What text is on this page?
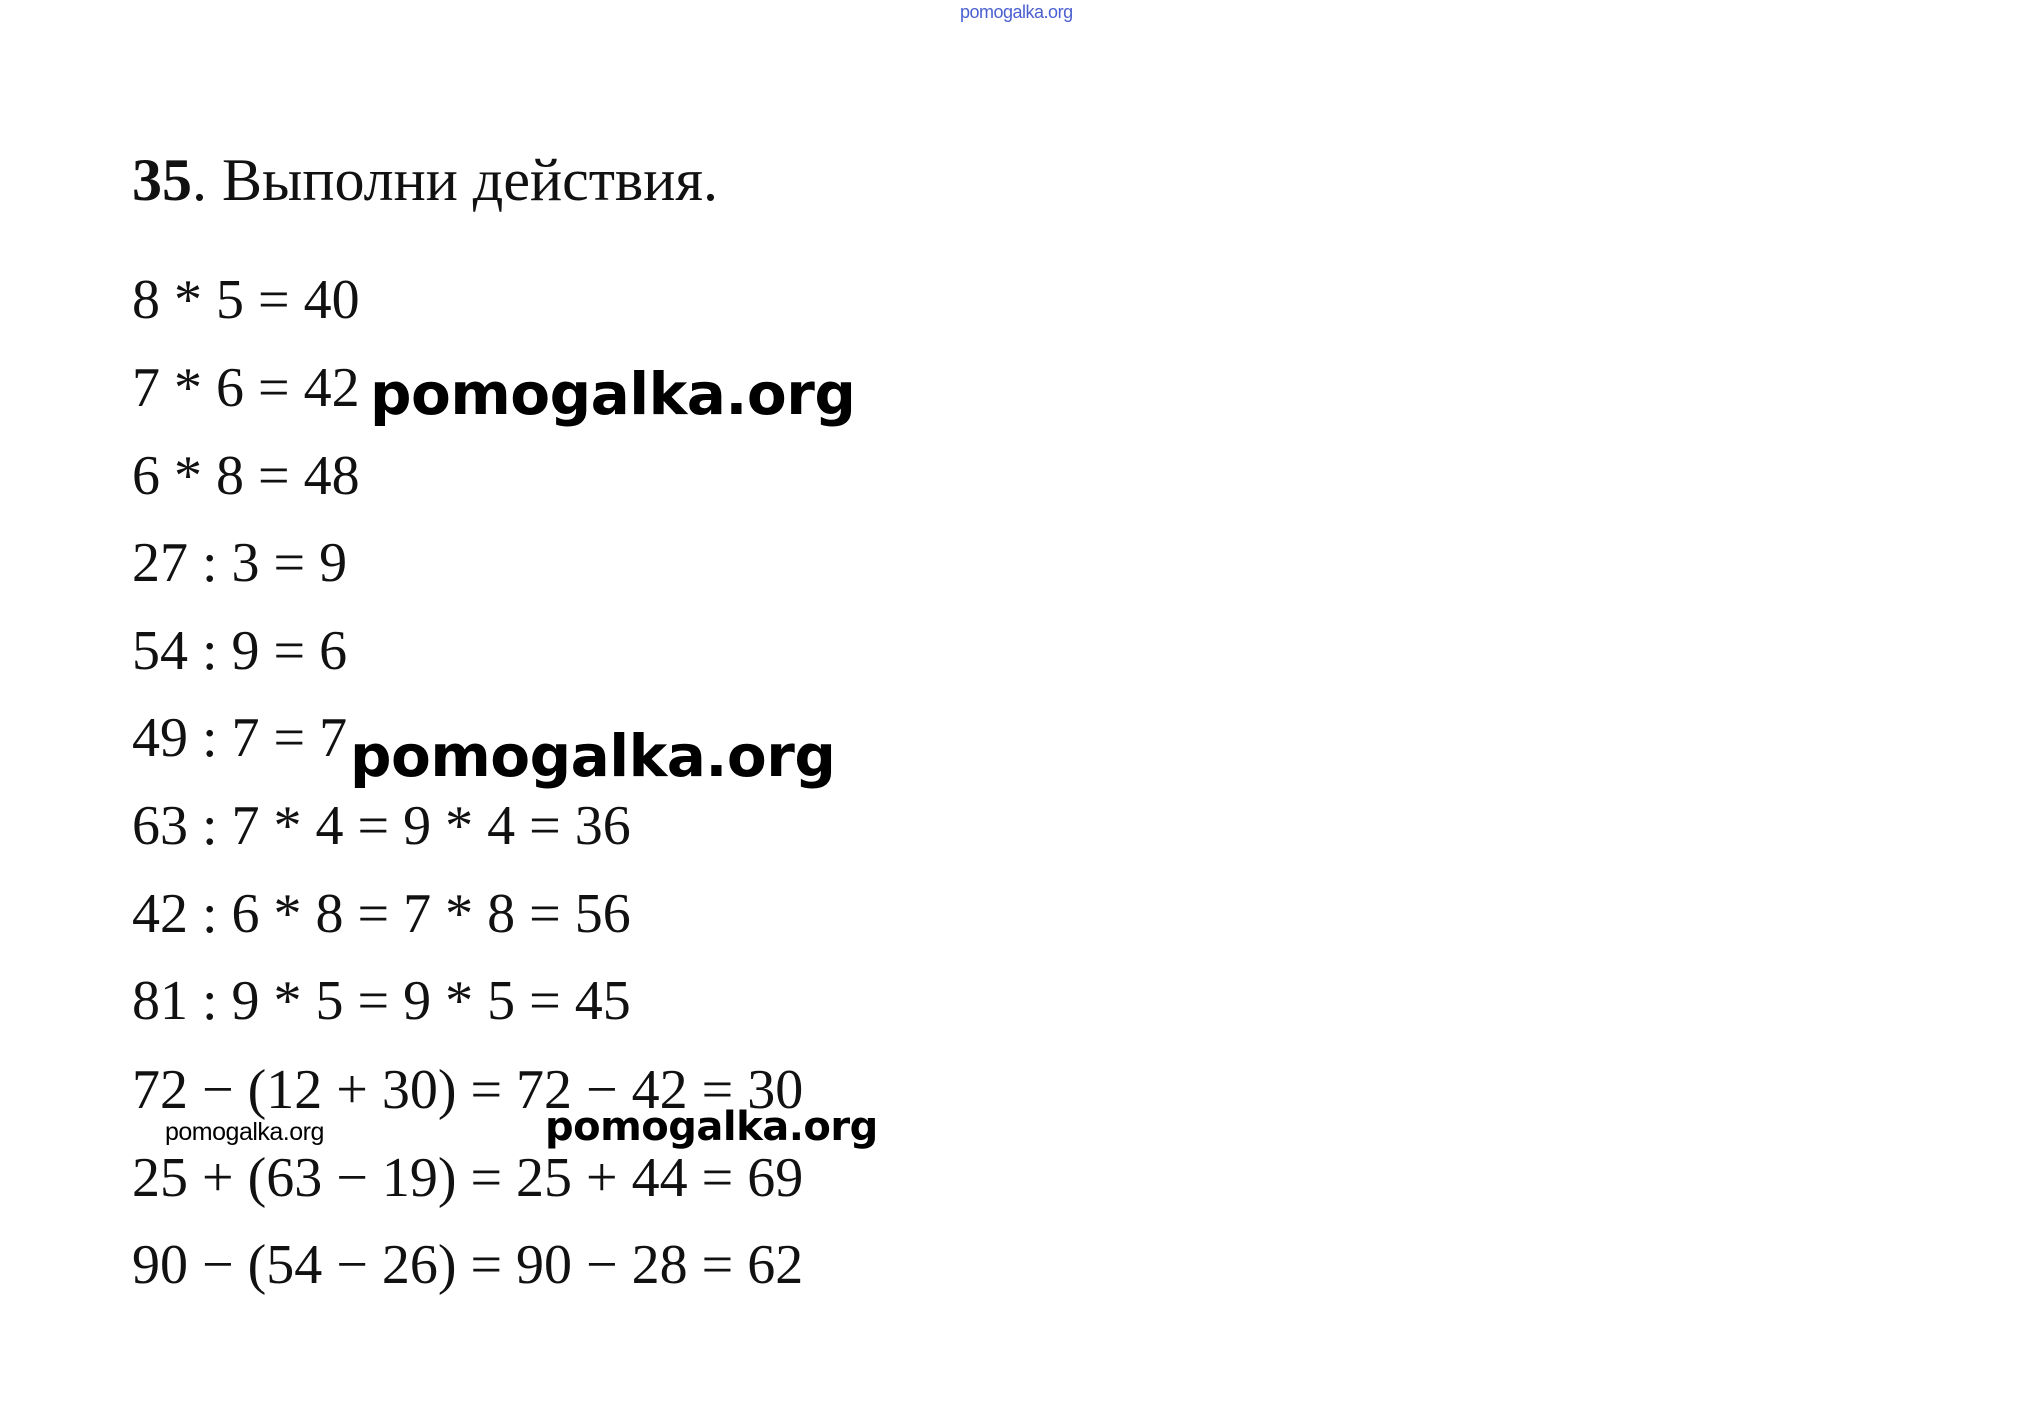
pomogalka.org
35. Выполни действия.
8 * 5 = 40
7 * 6 = 42
6 * 8 = 48
27 : 3 = 9
54 : 9 = 6
49 : 7 = 7
63 : 7 * 4 = 9 * 4 = 36
42 : 6 * 8 = 7 * 8 = 56
81 : 9 * 5 = 9 * 5 = 45
72 − (12 + 30) = 72 − 42 = 30
25 + (63 − 19) = 25 + 44 = 69
90 − (54 − 26) = 90 − 28 = 62
pomogalka.org
pomogalka.org
pomogalka.org	pomogalka.org
